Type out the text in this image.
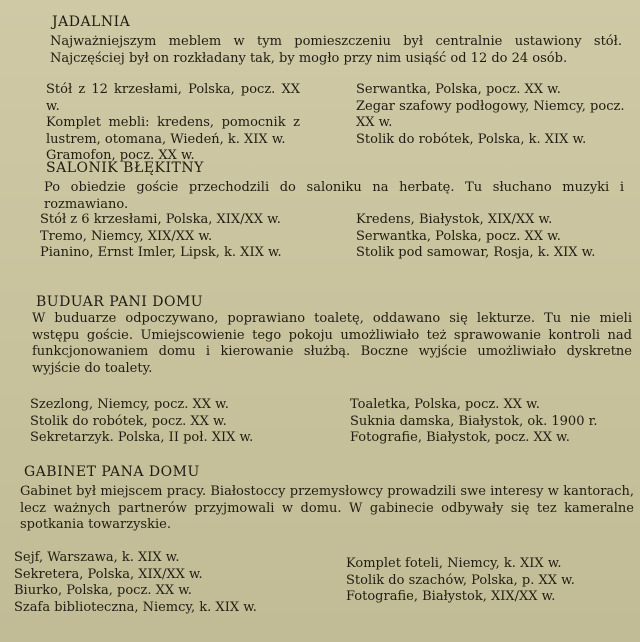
JADALNIA

Najważniejszym meblem w tym pomieszczeniu był centralnie ustawiony stół. Najczęściej był on rozkładany tak, by mogło przy nim usiąść od 12 do 24 osób.

Stół z 12 krzesłami, Polska, pocz. XX w.
Komplet mebli: kredens, pomocnik z lustrem, otomana, Wiedeń, k. XIX w.
Gramofon, pocz. XX w.
Serwantka, Polska, pocz. XX w.
Zegar szafowy podłogowy, Niemcy, pocz. XX w.
Stolik do robótek, Polska, k. XIX w.
SALONIK BŁĘKITNY

Po obiedzie goście przechodzili do saloniku na herbatę. Tu słuchano muzyki i rozmawiano.

Stół z 6 krzesłami, Polska, XIX/XX w.
Tremo, Niemcy, XIX/XX w.
Pianino, Ernst Imler, Lipsk, k. XIX w.
Kredens, Białystok, XIX/XX w.
Serwantka, Polska, pocz. XX w.
Stolik pod samowar, Rosja, k. XIX w.
BUDUAR PANI DOMU

W buduarze odpoczywano, poprawiano toaletę, oddawano się lekturze. Tu nie mieli wstępu goście. Umiejscowienie tego pokoju umożliwiało też sprawowanie kontroli nad funkcjonowaniem domu i kierowanie służbą. Boczne wyjście umożliwiało dyskretne wyjście do toalety.

Szezlong, Niemcy, pocz. XX w.
Stolik do robótek, pocz. XX w.
Sekretarzyk. Polska, II poł. XIX w.
Toaletka, Polska, pocz. XX w.
Suknia damska, Białystok, ok. 1900 r.
Fotografie, Białystok, pocz. XX w.
GABINET PANA DOMU

Gabinet był miejscem pracy. Białostoccy przemysłowcy prowadzili swe interesy w kantorach, lecz ważnych partnerów przyjmowali w domu. W gabinecie odbywały się tez kameralne spotkania towarzyskie.

Sejf, Warszawa, k. XIX w.
Sekretera, Polska, XIX/XX w.
Biurko, Polska, pocz. XX w.
Szafa biblioteczna, Niemcy, k. XIX w.
Komplet foteli, Niemcy, k. XIX w.
Stolik do szachów, Polska, p. XX w.
Fotografie, Białystok, XIX/XX w.
